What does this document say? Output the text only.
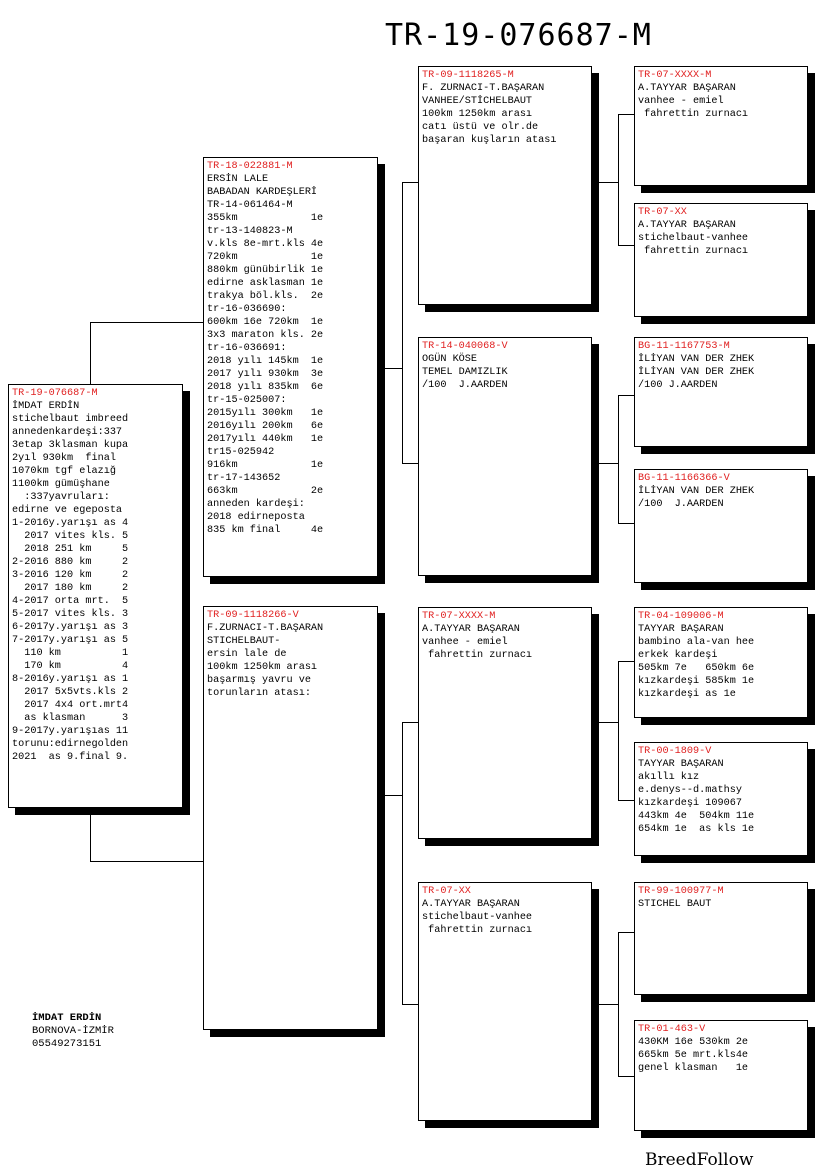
TR-19-076687-M
TR-19-076687-M
İMDAT ERDİN
stichelbaut imbreed
annedenkardeşi:337
3etap 3klasman kupa
2yıl 930km  final
1070km tgf elazığ
1100km gümüşhane
:337yavruları:
edirne ve egeposta
1-2016y.yarışı as 4
2017 vites kls. 5
2018 251 km     5
2-2016 880 km     2
3-2016 120 km     2
2017 180 km     2
4-2017 orta mrt.  5
5-2017 vites kls. 3
6-2017y.yarışı as 3
7-2017y.yarışı as 5
110 km          1
170 km          4
8-2016y.yarışı as 1
2017 5x5vts.kls 2
2017 4x4 ort.mrt4
as klasman      3
9-2017y.yarışıas 11
torunu:edirnegolden
2021  as 9.final 9.
TR-18-022881-M
ERSİN LALE
BABADAN KARDEŞLERİ
TR-14-061464-M
355km            1e
tr-13-140823-M
v.kls 8e-mrt.kls 4e
720km            1e
880km günübirlik 1e
edirne asklasman 1e
trakya böl.kls.  2e
tr-16-036690:
600km 16e 720km  1e
3x3 maraton kls. 2e
tr-16-036691:
2018 yılı 145km  1e
2017 yılı 930km  3e
2018 yılı 835km  6e
tr-15-025007:
2015yılı 300km   1e
2016yılı 200km   6e
2017yılı 440km   1e
tr15-025942
916km            1e
tr-17-143652
663km            2e
anneden kardeşi:
2018 edirneposta
835 km final     4e
TR-09-1118266-V
F.ZURNACI-T.BAŞARAN
STICHELBAUT-
ersin lale de
100km 1250km arası
başarmış yavru ve
torunların atası:
TR-09-1118265-M
F. ZURNACI-T.BAŞARAN
VANHEE/STİCHELBAUT
100km 1250km arası
catı üstü ve olr.de
başaran kuşların atası
TR-14-040068-V
OGÜN KÖSE
TEMEL DAMIZLIK
/100  J.AARDEN
TR-07-XXXX-M
A.TAYYAR BAŞARAN
vanhee - emiel
fahrettin zurnacı
TR-07-XX
A.TAYYAR BAŞARAN
stichelbaut-vanhee
fahrettin zurnacı
TR-07-XXXX-M
A.TAYYAR BAŞARAN
vanhee - emiel
fahrettin zurnacı
TR-07-XX
A.TAYYAR BAŞARAN
stichelbaut-vanhee
fahrettin zurnacı
BG-11-1167753-M
İLİYAN VAN DER ZHEK
İLİYAN VAN DER ZHEK
/100 J.AARDEN
BG-11-1166366-V
İLİYAN VAN DER ZHEK
/100  J.AARDEN
TR-04-109006-M
TAYYAR BAŞARAN
bambino ala-van hee
erkek kardeşi
505km 7e   650km 6e
kızkardeşi 585km 1e
kızkardeşi as 1e
TR-00-1809-V
TAYYAR BAŞARAN
akıllı kız
e.denys--d.mathsy
kızkardeşi 109067
443km 4e  504km 11e
654km 1e  as kls 1e
TR-99-100977-M
STICHEL BAUT
TR-01-463-V
430KM 16e 530km 2e
665km 5e mrt.kls4e
genel klasman   1e
İMDAT ERDİN
BORNOVA-İZMİR
05549273151
BreedFollow
